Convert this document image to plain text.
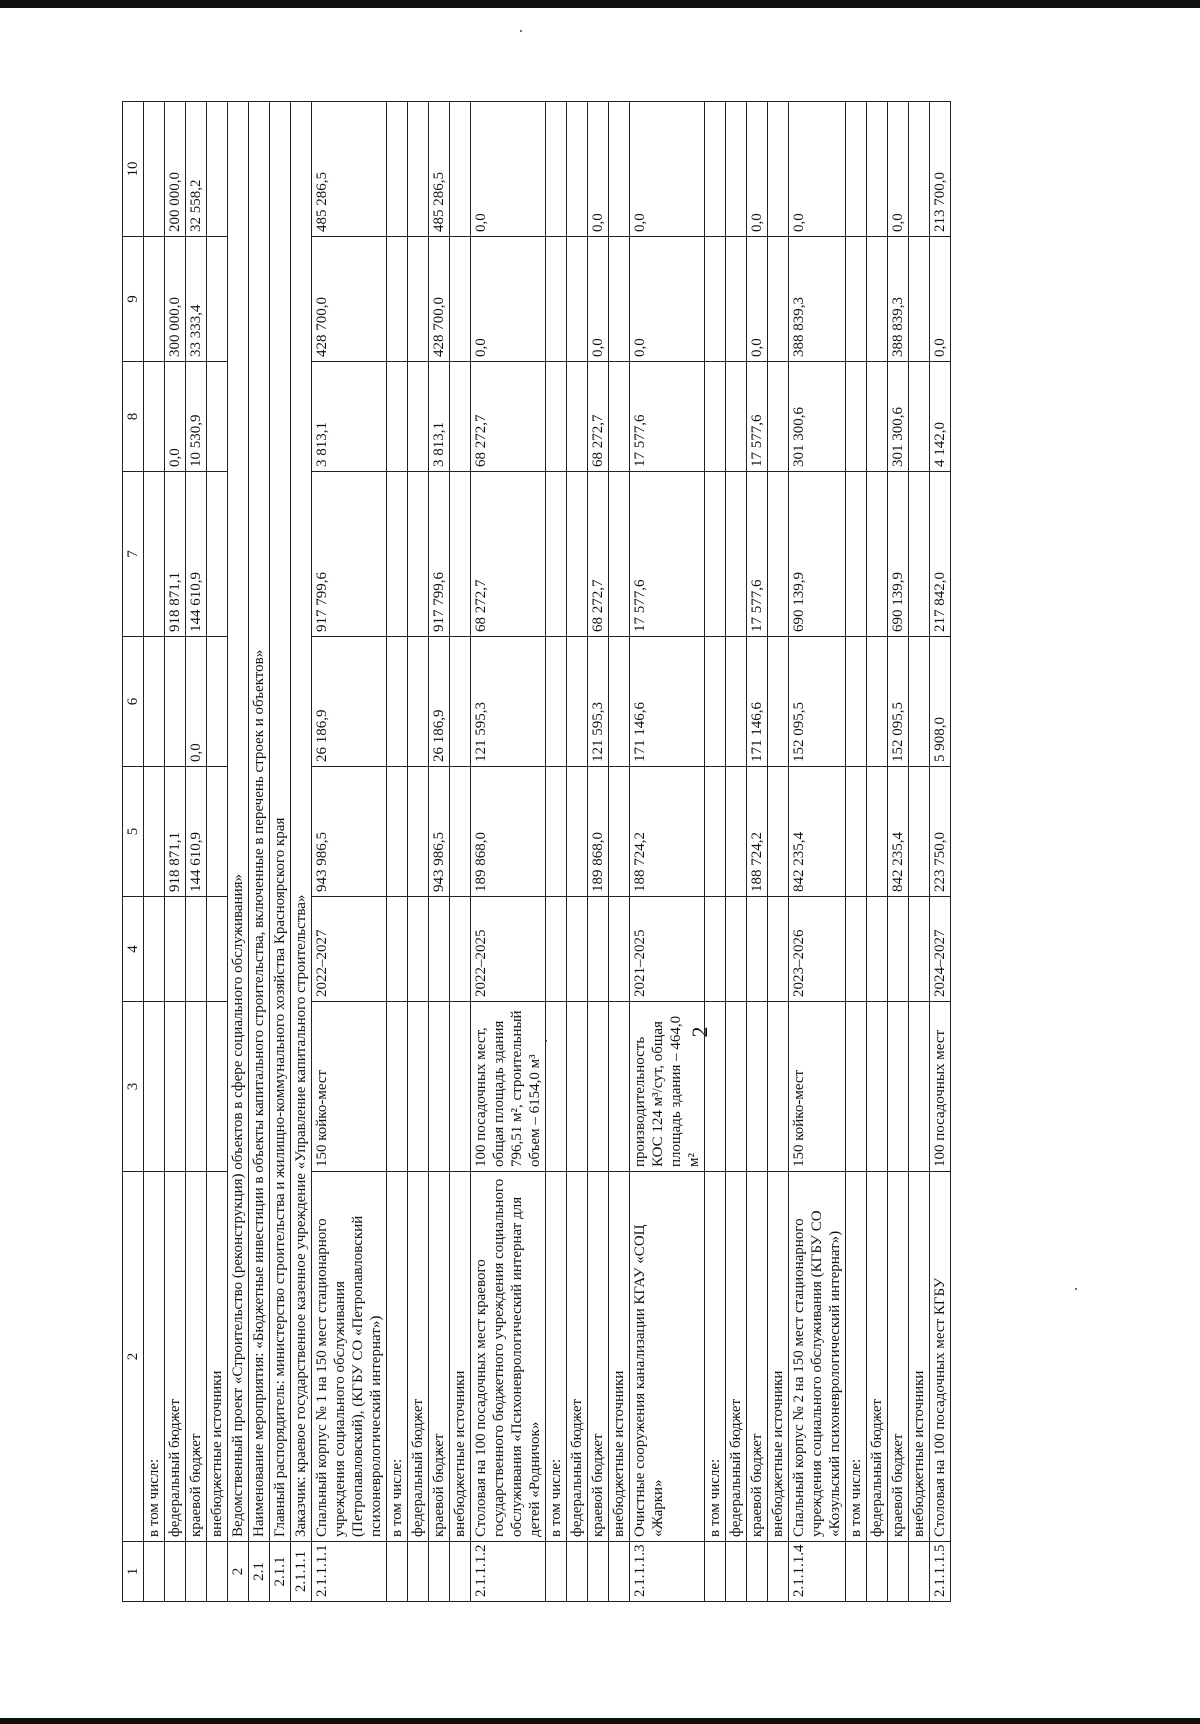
2
1	2	3	4	5	6	7	8	9	10
	в том числе:								
	федеральный бюджет			918 871,1		918 871,1	0,0	300 000,0	200 000,0
	краевой бюджет			144 610,9	0,0	144 610,9	10 530,9	33 333,4	32 558,2
	внебюджетные источники								
2	Ведомственный проект «Строительство (реконструкция) объектов в сфере социального обслуживания»								
2.1	Наименование мероприятия: «Бюджетные инвестиции в объекты капитального строительства, включенные в перечень строек и объектов»								
2.1.1	Главный распорядитель: министерство строительства и жилищно-коммунального хозяйства Красноярского края								
2.1.1.1	Заказчик: краевое государственное казенное учреждение «Управление капитального строительства»								
2.1.1.1.1	Спальный корпус № 1 на 150 мест стационарного учреждения социального обслуживания (Петропавловский), (КГБУ СО «Петропавловский психоневрологический интернат»)	150 койко-мест	2022–2027	943 986,5	26 186,9	917 799,6	3 813,1	428 700,0	485 286,5
	в том числе:								
	федеральный бюджет								
	краевой бюджет			943 986,5	26 186,9	917 799,6	3 813,1	428 700,0	485 286,5
	внебюджетные источники								
2.1.1.1.2	Столовая на 100 посадочных мест краевого государственного бюджетного учреждения социального обслуживания «Психоневрологический интернат для детей «Родничок»	100 посадочных мест, общая площадь здания 796,51 м², строительный объем – 6154,0 м³	2022–2025	189 868,0	121 595,3	68 272,7	68 272,7	0,0	0,0
	в том числе:								
	федеральный бюджет								
	краевой бюджет			189 868,0	121 595,3	68 272,7	68 272,7	0,0	0,0
	внебюджетные источники								
2.1.1.1.3	Очистные сооружения канализации КГАУ «СОЦ «Жарки»	производительность КОС 124 м³/сут, общая площадь здания – 464,0 м²	2021–2025	188 724,2	171 146,6	17 577,6	17 577,6	0,0	0,0
	в том числе:								
	федеральный бюджет								
	краевой бюджет			188 724,2	171 146,6	17 577,6	17 577,6	0,0	0,0
	внебюджетные источники								
2.1.1.1.4	Спальный корпус № 2 на 150 мест стационарного учреждения социального обслуживания (КГБУ СО «Козульский психоневрологический интернат»)	150 койко-мест	2023–2026	842 235,4	152 095,5	690 139,9	301 300,6	388 839,3	0,0
	в том числе:								
	федеральный бюджет								
	краевой бюджет			842 235,4	152 095,5	690 139,9	301 300,6	388 839,3	0,0
	внебюджетные источники								
2.1.1.1.5	Столовая на 100 посадочных мест КГБУ	100 посадочных мест	2024–2027	223 750,0	5 908,0	217 842,0	4 142,0	0,0	213 700,0
